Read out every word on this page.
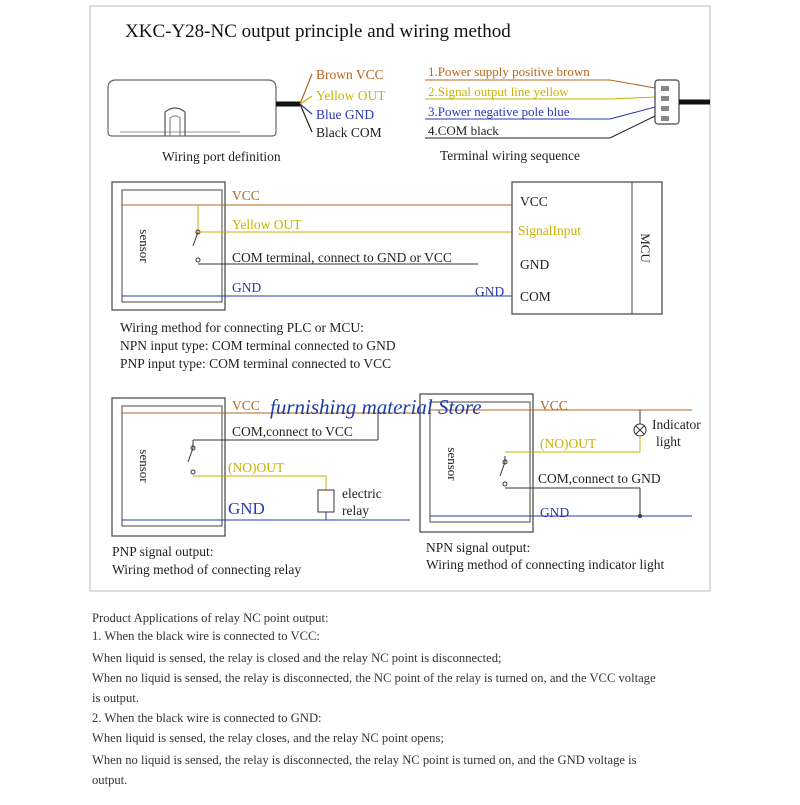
XKC-Y28-NC output principle and wiring method
Brown VCC
Yellow OUT
Blue GND
Black COM
Wiring port definition
1.Power supply positive brown
2.Signal output line yellow
3.Power negative pole blue
4.COM black
Terminal wiring sequence
sensor
VCC
Yellow OUT
COM terminal, connect to GND or VCC
GND	GND
MCU
VCC
SignalInput
GND
COM
Wiring method for connecting PLC or MCU:
NPN input type: COM terminal connected to GND
PNP input type: COM terminal connected to VCC
sensor
VCC
COM,connect to VCC
(NO)OUT
GND
electric
relay
PNP signal output:
Wiring method of connecting relay
sensor
VCC
(NO)OUT
COM,connect to GND
GND
Indicator
light
NPN signal output:
Wiring method of connecting indicator light
furnishing material Store
Product Applications of relay NC point output:
1. When the black wire is connected to VCC:
When liquid is sensed, the relay is closed and the relay NC point is disconnected;
When no liquid is sensed, the relay is disconnected, the NC point of the relay is turned on, and the VCC voltage
is output.
2. When the black wire is connected to GND:
When liquid is sensed, the relay closes, and the relay NC point opens;
When no liquid is sensed, the relay is disconnected, the relay NC point is turned on, and the GND voltage is
output.
